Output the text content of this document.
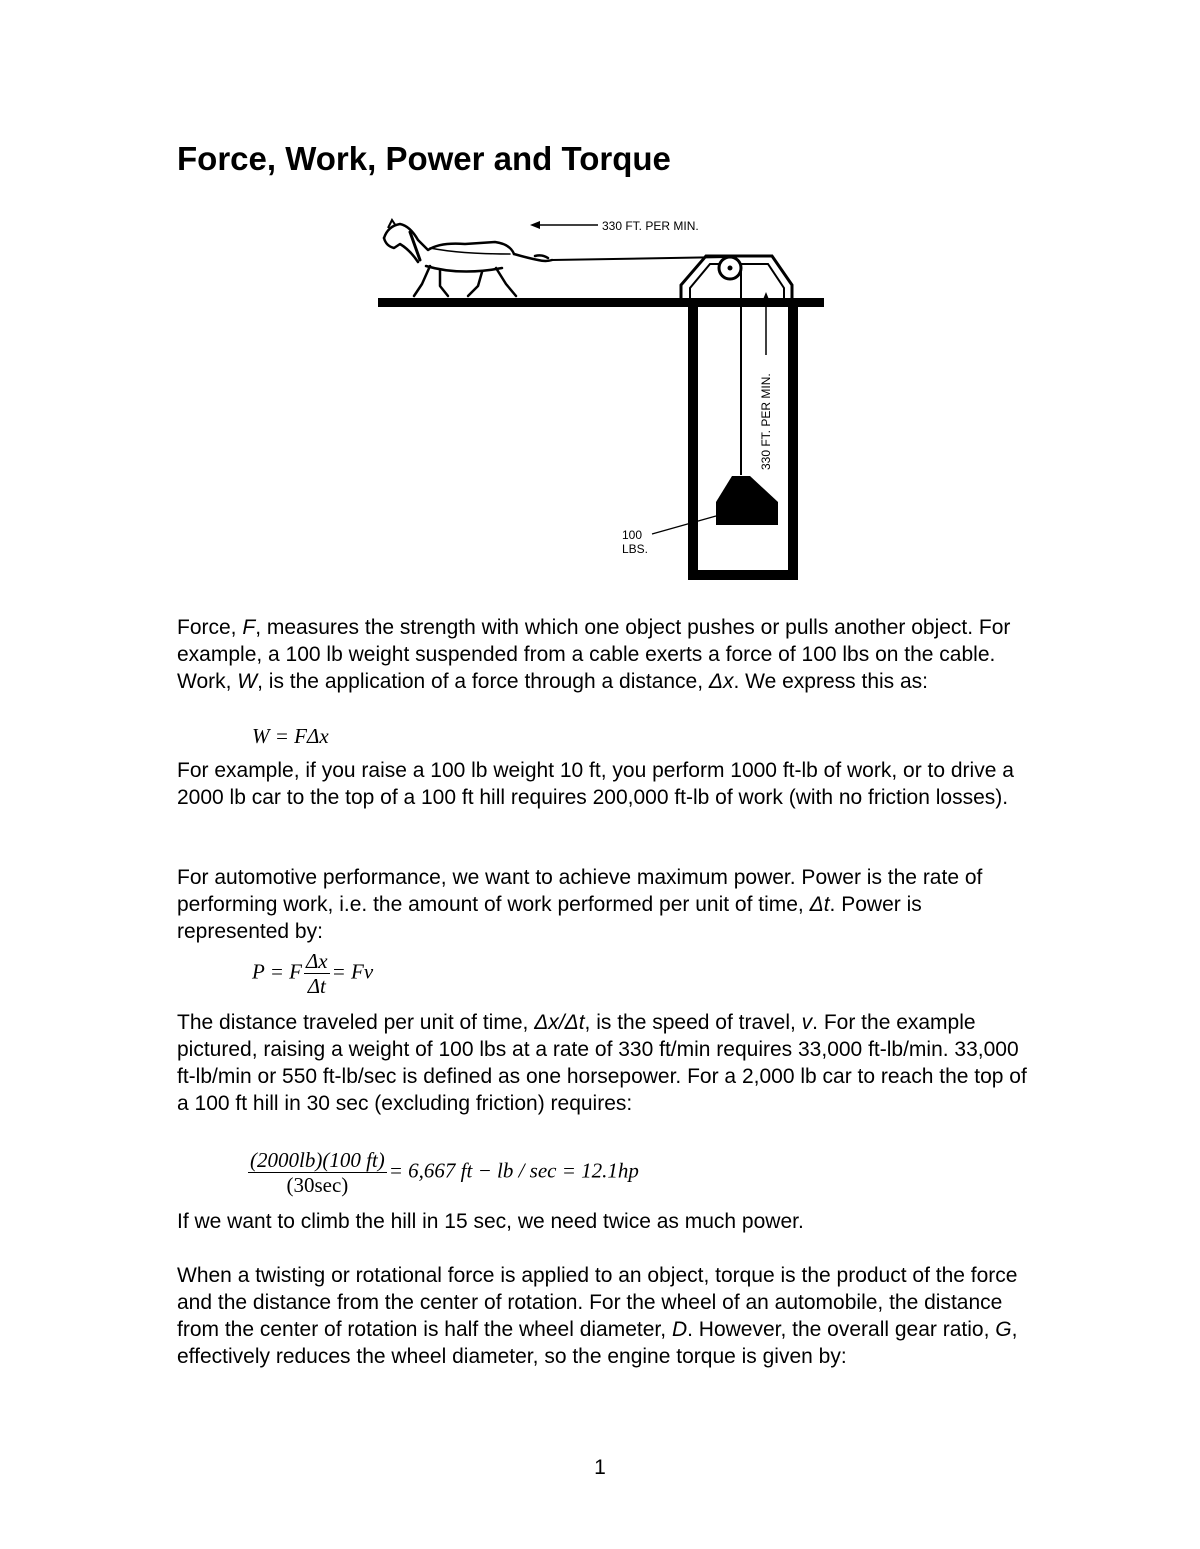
Force, Work, Power and Torque
330 FT. PER MIN.
330 FT. PER MIN.
100
LBS.

Force, F, measures the strength with which one object pushes or pulls another object. For example, a 100 lb weight suspended from a cable exerts a force of 100 lbs on the cable. Work, W, is the application of a force through a distance, Δx. We express this as:

W = FΔx

For example, if you raise a 100 lb weight 10 ft, you perform 1000 ft-lb of work, or to drive a 2000 lb car to the top of a 100 ft hill requires 200,000 ft-lb of work (with no friction losses).

For automotive performance, we want to achieve maximum power. Power is the rate of performing work, i.e. the amount of work performed per unit of time, Δt. Power is represented by:

P = F $\frac{\Delta x}{\Delta t} = Fv$

The distance traveled per unit of time, Δx/Δt, is the speed of travel, v. For the example pictured, raising a weight of 100 lbs at a rate of 330 ft/min requires 33,000 ft-lb/min. 33,000 ft-lb/min or 550 ft-lb/sec is defined as one horsepower. For a 2,000 lb car to reach the top of a 100 ft hill in 30 sec (excluding friction) requires:

$\frac{(2000lb)(100 ft)}{(30\sec)} = 6,667$ ft − lb / sec = 12.1hp

If we want to climb the hill in 15 sec, we need twice as much power.

When a twisting or rotational force is applied to an object, torque is the product of the force and the distance from the center of rotation. For the wheel of an automobile, the distance from the center of rotation is half the wheel diameter, D. However, the overall gear ratio, G, effectively reduces the wheel diameter, so the engine torque is given by:

1
